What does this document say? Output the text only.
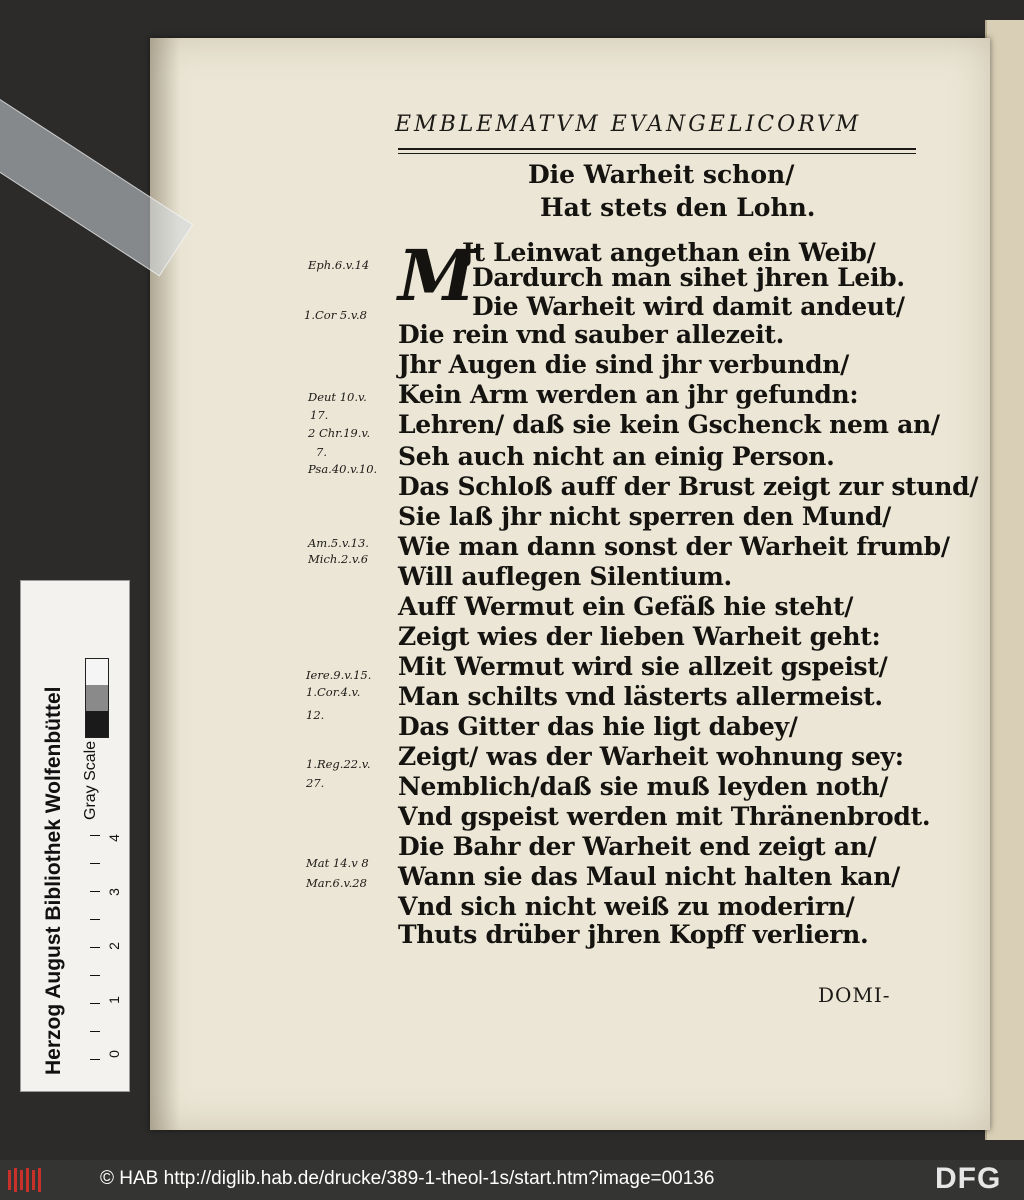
EMBLEMATVM EVANGELICORVM
Die Warheit schon/
Hat stets den Lohn.
M
Jt Leinwat angethan ein Weib/
Dardurch man sihet jhren Leib.
Die Warheit wird damit andeut/
Die rein vnd sauber allezeit.
Jhr Augen die sind jhr verbundn/
Kein Arm werden an jhr gefundn:
Lehren/ daß sie kein Gschenck nem an/
Seh auch nicht an einig Person.
Das Schloß auff der Brust zeigt zur stund/
Sie laß jhr nicht sperren den Mund/
Wie man dann sonst der Warheit frumb/
Will auflegen Silentium.
Auff Wermut ein Gefäß hie steht/
Zeigt wies der lieben Warheit geht:
Mit Wermut wird sie allzeit gspeist/
Man schilts vnd lästerts allermeist.
Das Gitter das hie ligt dabey/
Zeigt/ was der Warheit wohnung sey:
Nemblich/daß sie muß leyden noth/
Vnd gspeist werden mit Thränenbrodt.
Die Bahr der Warheit end zeigt an/
Wann sie das Maul nicht halten kan/
Vnd sich nicht weiß zu moderirn/
Thuts drüber jhren Kopff verliern.
Eph.6.v.14
1.Cor 5.v.8
Deut 10.v.
17.
2 Chr.19.v.
7.
Psa.40.v.10.
Am.5.v.13.
Mich.2.v.6
Iere.9.v.15.
1.Cor.4.v.
12.
1.Reg.22.v.
27.
Mat 14.v 8
Mar.6.v.28
DOMI-
Herzog August Bibliothek Wolfenbüttel Gray Scale
0
1
2
3
4
© HAB http://diglib.hab.de/drucke/389-1-theol-1s/start.htm?image=00136	DFG
